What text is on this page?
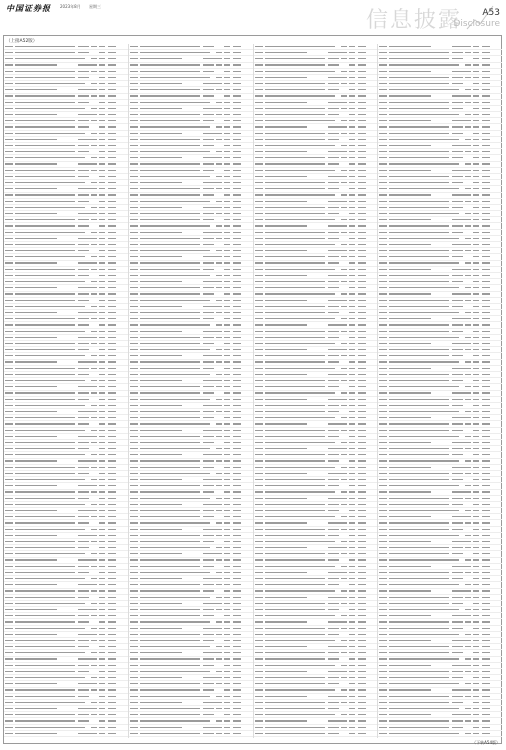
中国证券报 2023年8月 星期三
信息披露 A53
Disclosure
（上接A52版）
（下转A54版）
